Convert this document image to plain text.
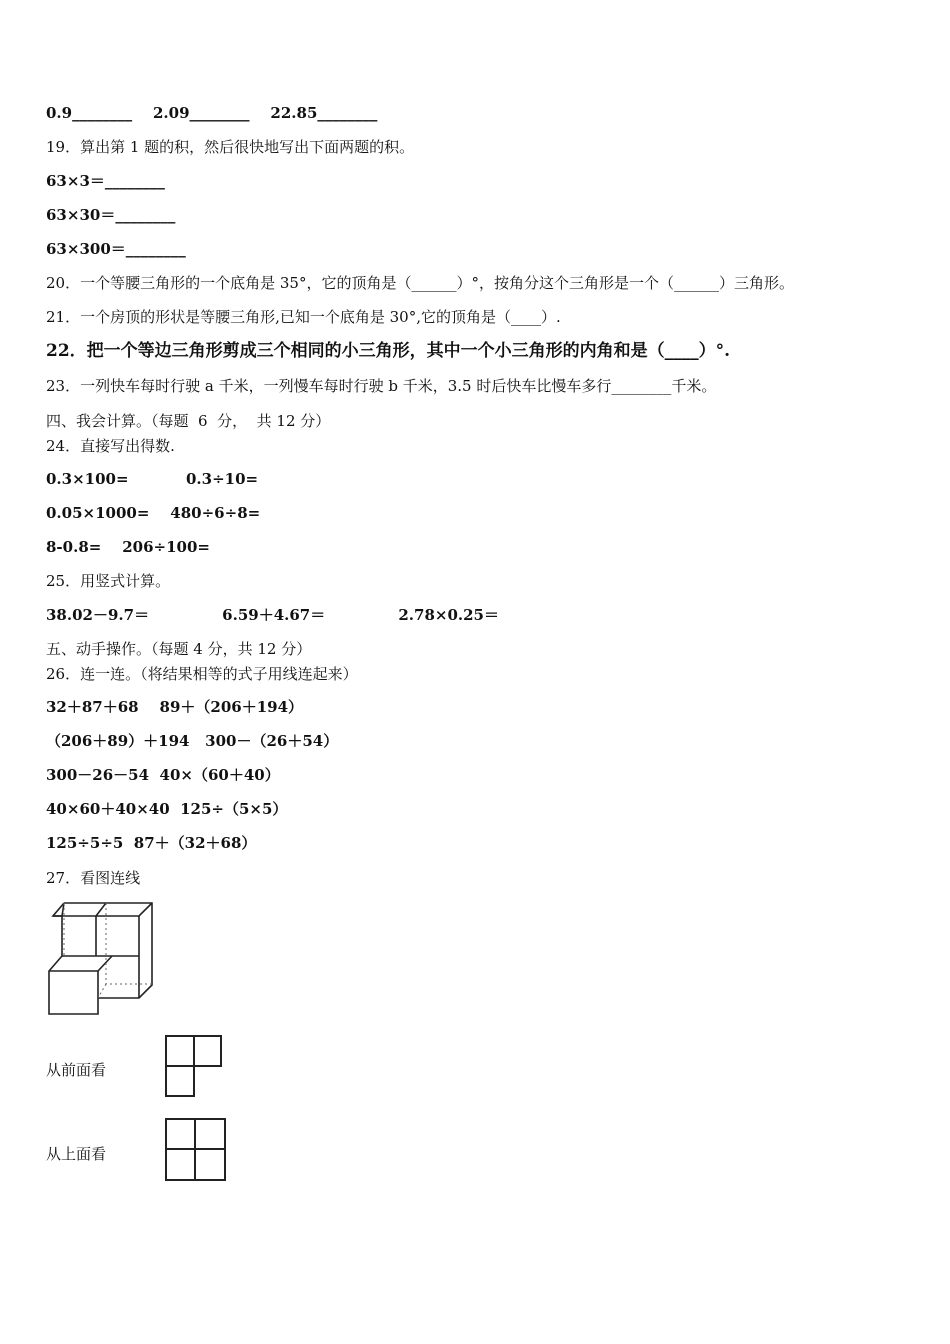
0.9________    2.09________    22.85________
19．算出第 1 题的积，然后很快地写出下面两题的积。
63×3＝________
63×30＝________
63×300＝________
20．一个等腰三角形的一个底角是 35°，它的顶角是（______）°，按角分这个三角形是一个（______）三角形。
21．一个房顶的形状是等腰三角形,已知一个底角是 30°,它的顶角是（____）.
22．把一个等边三角形剪成三个相同的小三角形，其中一个小三角形的内角和是（____）°.
23．一列快车每时行驶 a 千米，一列慢车每时行驶 b 千米，3.5 时后快车比慢车多行________千米。
四、我会计算。（每题  6  分，  共 12 分）
24．直接写出得数.
0.3×100=           0.3÷10=
0.05×1000=    480÷6÷8=
8-0.8=    206÷100=
25．用竖式计算。
38.02－9.7＝              6.59＋4.67＝              2.78×0.25＝
五、动手操作。（每题 4 分，共 12 分）
26．连一连。（将结果相等的式子用线连起来）
32＋87＋68    89＋（206＋194）
（206＋89）＋194   300－（26＋54）
300－26－54  40×（60＋40）
40×60＋40×40  125÷（5×5）
125÷5÷5  87＋（32＋68）
27．看图连线
从前面看
从上面看
